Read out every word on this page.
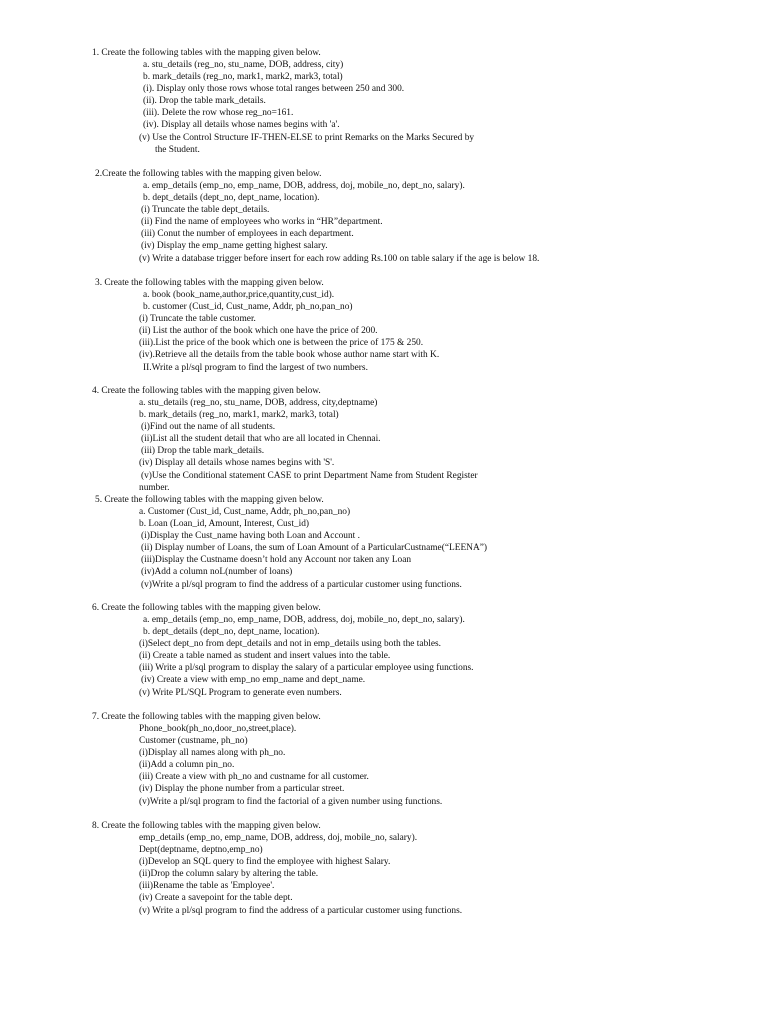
1. Create the following tables with the mapping given below.
a. stu_details (reg_no, stu_name, DOB, address, city)
b. mark_details (reg_no, mark1, mark2, mark3, total)
(i). Display only those rows whose total ranges between 250 and 300.
(ii). Drop the table mark_details.
(iii). Delete the row whose reg_no=161.
(iv). Display all details whose names begins with 'a'.
(v) Use the Control Structure IF-THEN-ELSE to print Remarks on the Marks Secured by
the Student.
2.Create the following tables with the mapping given below.
a. emp_details (emp_no, emp_name, DOB, address, doj, mobile_no, dept_no, salary).
b. dept_details (dept_no, dept_name, location).
(i) Truncate the table dept_details.
(ii) Find the name of employees who works in “HR”department.
(iii) Conut the number of employees in each department.
(iv) Display the emp_name getting highest salary.
(v) Write a database trigger before insert for each row adding Rs.100 on table salary if the age is below 18.
3. Create the following tables with the mapping given below.
a. book (book_name,author,price,quantity,cust_id).
b. customer (Cust_id, Cust_name, Addr, ph_no,pan_no)
(i) Truncate the table customer.
(ii) List the author of the book which one have the price of 200.
(iii).List the price of the book which one is between the price of 175 & 250.
(iv).Retrieve all the details from the table book whose author name start with K.
II.Write a pl/sql program to find the largest of two numbers.
4. Create the following tables with the mapping given below.
a. stu_details (reg_no, stu_name, DOB, address, city,deptname)
b. mark_details (reg_no, mark1, mark2, mark3, total)
(i)Find out the name of all students.
(ii)List all the student detail that who are all located in Chennai.
(iii) Drop the table mark_details.
(iv) Display all details whose names begins with 'S'.
(v)Use the Conditional statement CASE to print Department Name from Student Register
number.
5. Create the following tables with the mapping given below.
a. Customer (Cust_id, Cust_name, Addr, ph_no,pan_no)
b. Loan (Loan_id, Amount, Interest, Cust_id)
(i)Display the Cust_name having both Loan and Account .
(ii) Display number of Loans, the sum of Loan Amount of a ParticularCustname(“LEENA”)
(iii)Display the Custname doesn’t hold any Account nor taken any Loan
(iv)Add a column noL(number of loans)
(v)Write a pl/sql program to find the address of a particular customer using functions.
6. Create the following tables with the mapping given below.
a. emp_details (emp_no, emp_name, DOB, address, doj, mobile_no, dept_no, salary).
b. dept_details (dept_no, dept_name, location).
(i)Select dept_no from dept_details and not in emp_details using both the tables.
(ii) Create a table named as student and insert values into the table.
(iii) Write a pl/sql program to display the salary of a particular employee using functions.
(iv) Create a view with emp_no emp_name and dept_name.
(v) Write PL/SQL Program to generate even numbers.
7. Create the following tables with the mapping given below.
Phone_book(ph_no,door_no,street,place).
Customer (custname, ph_no)
(i)Display all names along with ph_no.
(ii)Add a column pin_no.
(iii) Create a view with ph_no and custname for all customer.
(iv) Display the phone number from a particular street.
(v)Write a pl/sql program to find the factorial of a given number using functions.
8. Create the following tables with the mapping given below.
emp_details (emp_no, emp_name, DOB, address, doj, mobile_no, salary).
Dept(deptname, deptno,emp_no)
(i)Develop an SQL query to find the employee with highest Salary.
(ii)Drop the column salary by altering the table.
(iii)Rename the table as 'Employee'.
(iv) Create a savepoint for the table dept.
(v) Write a pl/sql program to find the address of a particular customer using functions.
